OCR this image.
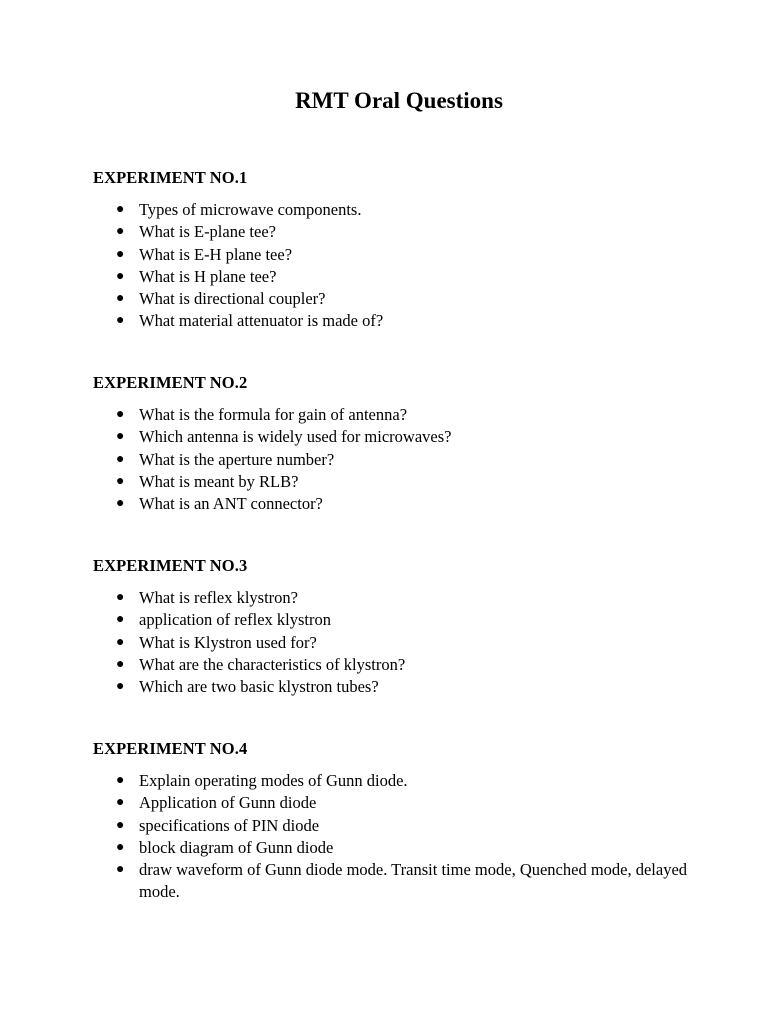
RMT Oral Questions
EXPERIMENT NO.1
● Types of microwave components.
● What is E-plane tee?
● What is E-H plane tee?
● What is H plane tee?
● What is directional coupler?
● What material attenuator is made of?
EXPERIMENT NO.2
● What is the formula for gain of antenna?
● Which antenna is widely used for microwaves?
● What is the aperture number?
● What is meant by RLB?
● What is an ANT connector?
EXPERIMENT NO.3
● What is reflex klystron?
● application of reflex klystron
● What is Klystron used for?
● What are the characteristics of klystron?
● Which are two basic klystron tubes?
EXPERIMENT NO.4
● Explain operating modes of Gunn diode.
● Application of Gunn diode
● specifications of PIN diode
● block diagram of Gunn diode
● draw waveform of Gunn diode mode. Transit time mode, Quenched mode, delayed mode.
